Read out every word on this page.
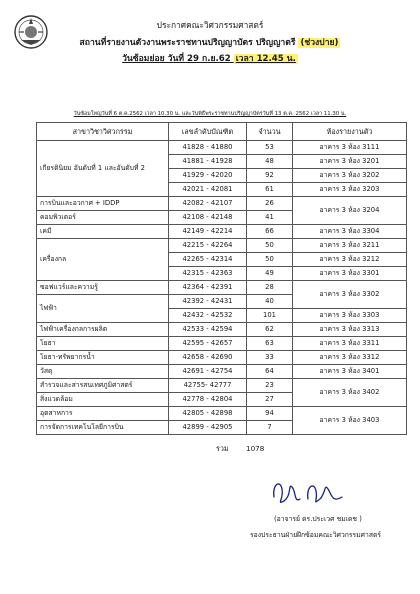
ประกาศคณะวิศวกรรมศาสตร์
สถานที่รายงานตัวงานพระราชทานปริญญาบัตร ปริญญาตรี (ช่วงบ่าย)
วันซ้อมย่อย วันที่ 29 ก.ย.62 เวลา 12.45 น.
วันซ้อมใหญ่วันที่ 6 ต.ค.2562 เวลา 10.30 น. และวันพิธีพระราชทานปริญญาบัตรวันที่ 13 ต.ค. 2562 เวลา 11.30 น.
สาขาวิชาวิศวกรรม	เลขลำดับบัณฑิต	จำนวน	ห้องรายงานตัว
เกียรตินิยม อันดับที่ 1 และอันดับที่ 2	41828 - 41880	53	อาคาร 3 ห้อง 3111
	41881 - 41928	48	อาคาร 3 ห้อง 3201
	41929 - 42020	92	อาคาร 3 ห้อง 3202
	42021 - 42081	61	อาคาร 3 ห้อง 3203
การบินและอวกาศ + IDDP	42082 - 42107	26	อาคาร 3 ห้อง 3204
คอมพิวเตอร์	42108 - 42148	41	
เคมี	42149 - 42214	66	อาคาร 3 ห้อง 3304
เครื่องกล	42215 - 42264	50	อาคาร 3 ห้อง 3211
	42265 - 42314	50	อาคาร 3 ห้อง 3212
	42315 - 42363	49	อาคาร 3 ห้อง 3301
ซอฟแวร์และความรู้	42364 - 42391	28	อาคาร 3 ห้อง 3302
ไฟฟ้า	42392 - 42431	40	
	42432 - 42532	101	อาคาร 3 ห้อง 3303
ไฟฟ้าเครื่องกลการผลิต	42533 - 42594	62	อาคาร 3 ห้อง 3313
โยธา	42595 - 42657	63	อาคาร 3 ห้อง 3311
โยธา-ทรัพยากรน้ำ	42658 - 42690	33	อาคาร 3 ห้อง 3312
วัสดุ	42691 - 42754	64	อาคาร 3 ห้อง 3401
สำรวจและสารสนเทศภูมิศาสตร์	42755- 42777	23	อาคาร 3 ห้อง 3402
สิ่งแวดล้อม	42778 - 42804	27	
อุตสาหการ	42805 - 42898	94	อาคาร 3 ห้อง 3403
การจัดการเทคโนโลยีการบิน	42899 - 42905	7	
รวม 1078
(อาจารย์ ดร.ประเวศ ชมเดช )
รองประธานฝ่ายฝึกซ้อมคณะวิศวกรรมศาสตร์
